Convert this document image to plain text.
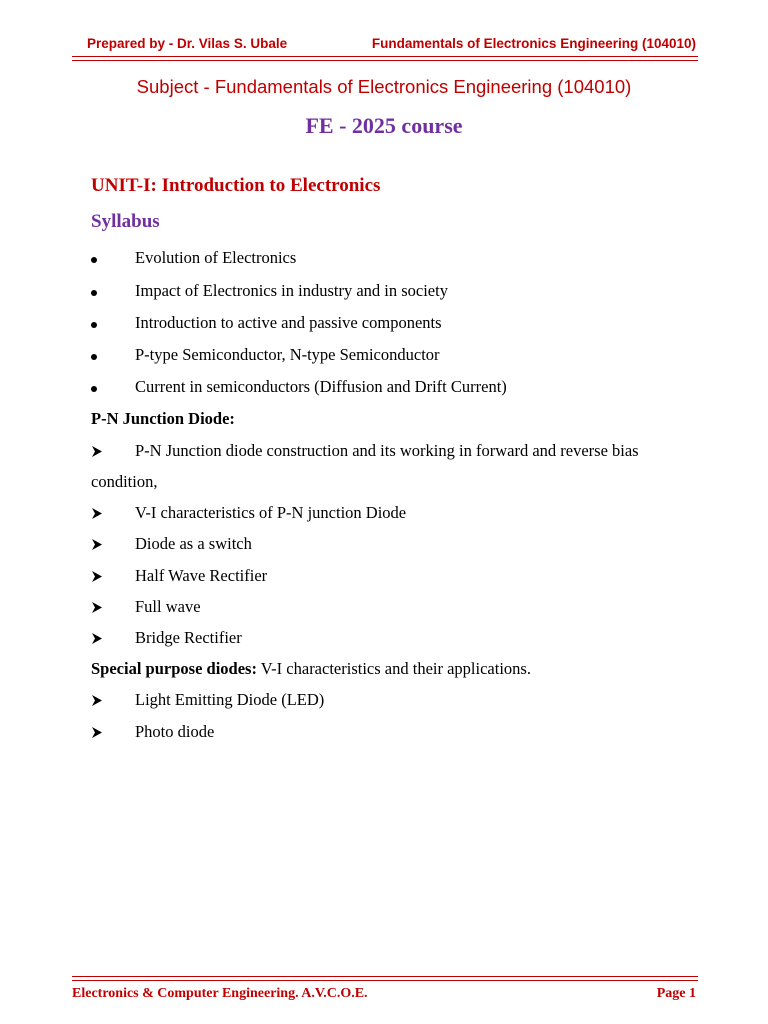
Prepared by - Dr. Vilas S. Ubale	Fundamentals of Electronics Engineering (104010)
Subject - Fundamentals of Electronics Engineering (104010)
FE - 2025 course
UNIT-I: Introduction to Electronics
Syllabus
Evolution of Electronics
Impact of Electronics in industry and in society
Introduction to active and passive components
P-type Semiconductor, N-type Semiconductor
Current in semiconductors (Diffusion and Drift Current)
P-N Junction Diode:
P-N Junction diode construction and its working in forward and reverse bias
condition,
V-I characteristics of P-N junction Diode
Diode as a switch
Half Wave Rectifier
Full wave
Bridge Rectifier
Special purpose diodes: V-I characteristics and their applications.
Light Emitting Diode (LED)
Photo diode
Electronics & Computer Engineering. A.V.C.O.E.	Page 1
